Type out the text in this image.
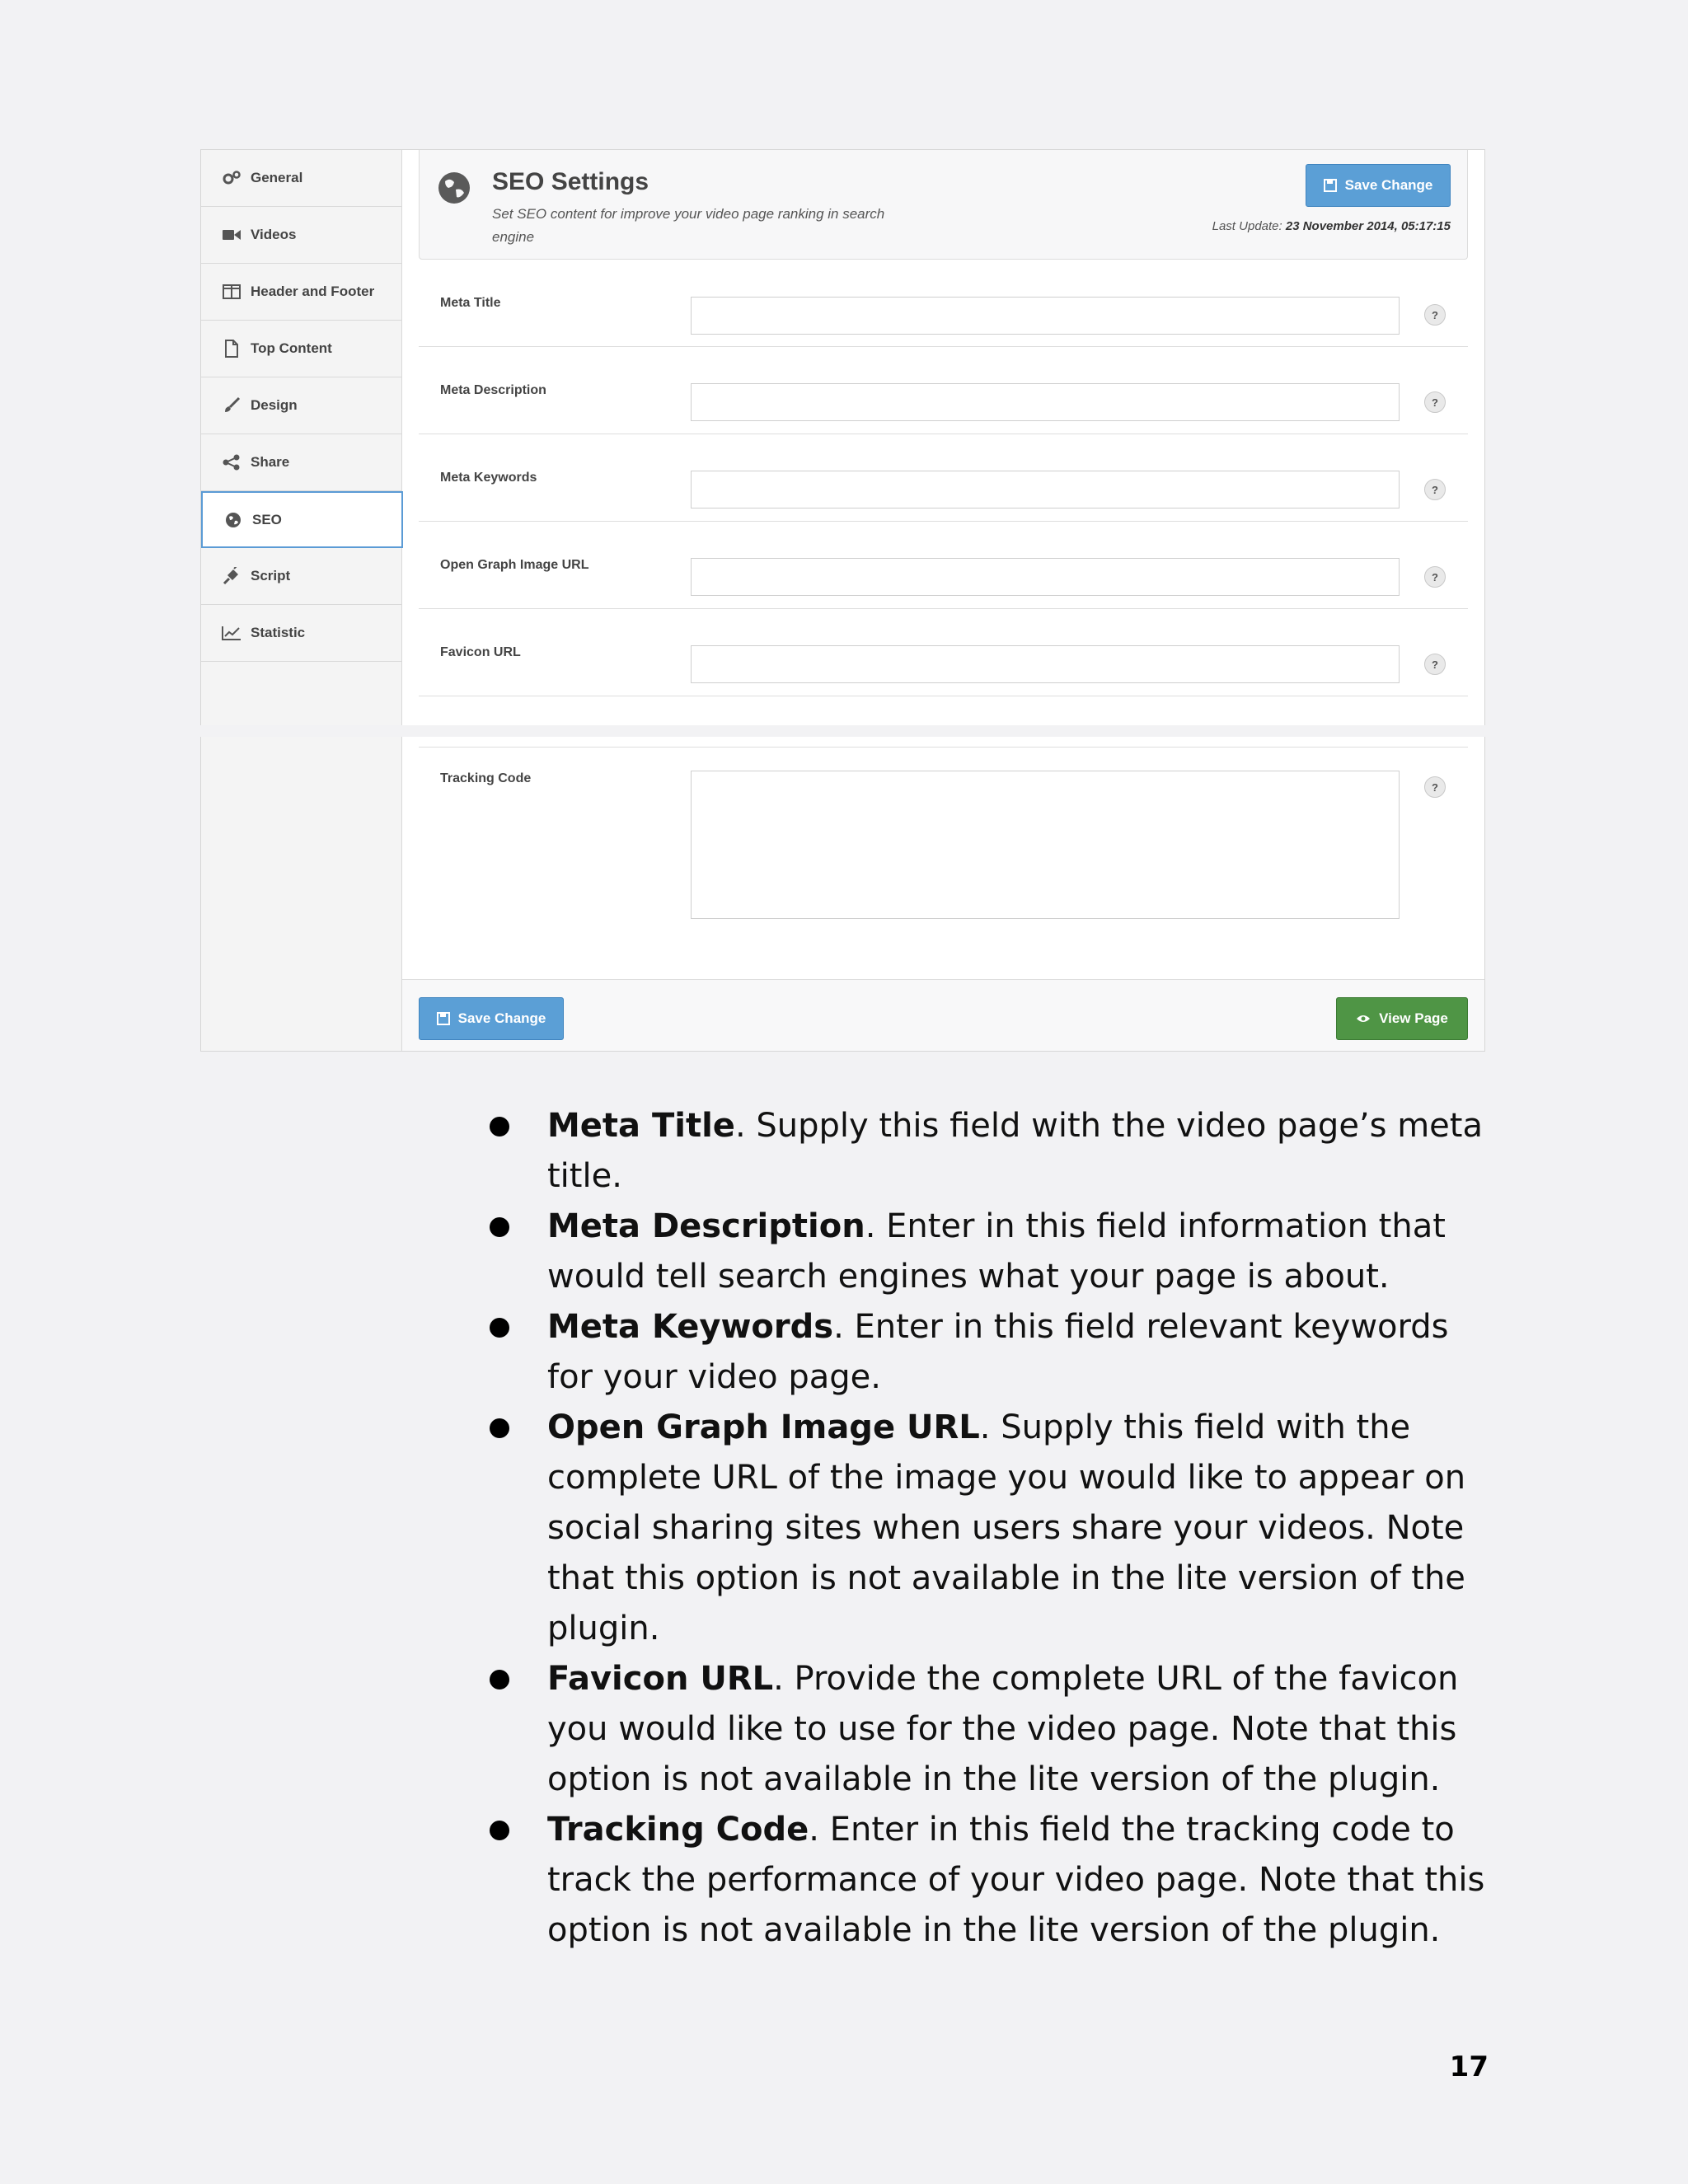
General
Videos
Header and Footer
Top Content
Design
Share
SEO
Script
Statistic
SEO Settings
Set SEO content for improve your video page ranking in search engine
Last Update: 23 November 2014, 05:17:15
Save Change
Meta Title
?
Meta Description
?
Meta Keywords
?
Open Graph Image URL
?
Favicon URL
?
Tracking Code
?
Save Change	View Page
Meta Title. Supply this field with the video page’s meta title.
Meta Description. Enter in this field information that would tell search engines what your page is about.
Meta Keywords. Enter in this field relevant keywords for your video page.
Open Graph Image URL. Supply this field with the complete URL of the image you would like to appear on social sharing sites when users share your videos. Note that this option is not available in the lite version of the plugin.
Favicon URL. Provide the complete URL of the favicon you would like to use for the video page. Note that this option is not available in the lite version of the plugin.
Tracking Code. Enter in this field the tracking code to track the performance of your video page. Note that this option is not available in the lite version of the plugin.
17
